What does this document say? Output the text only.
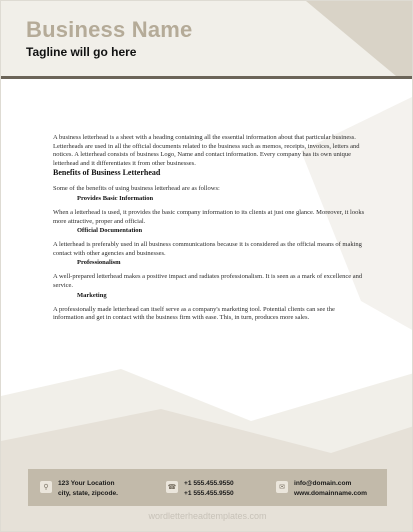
Business Name
Tagline will go here

A business letterhead is a sheet with a heading containing all the essential information about that particular business. Letterheads are used in all the official documents related to the business such as memos, receipts, invoices, letters and notices. A letterhead consists of business Logo, Name and contact information. Every company has its own unique letterhead and it differentiates it from other businesses.

Benefits of Business Letterhead

Some of the benefits of using business letterhead are as follows:

Provides Basic Information

When a letterhead is used, it provides the basic company information to its clients at just one glance. Moreover, it looks more attractive, proper and official.

Official Documentation

A letterhead is preferably used in all business communications because it is considered as the official means of making contact with other agencies and businesses.

Professionalism

A well-prepared letterhead makes a positive impact and radiates professionalism. It is seen as a mark of excellence and service.

Marketing

A professionally made letterhead can itself serve as a company's marketing tool. Potential clients can see the information and get in contact with the business firm with ease. This, in turn, produces more sales.

⚲	123 Your Location
city, state, zipcode.
☎ +1 555.455.9550
+1 555.455.9550
✉	info@domain.com
www.domainname.com
wordletterheadtemplates.com
